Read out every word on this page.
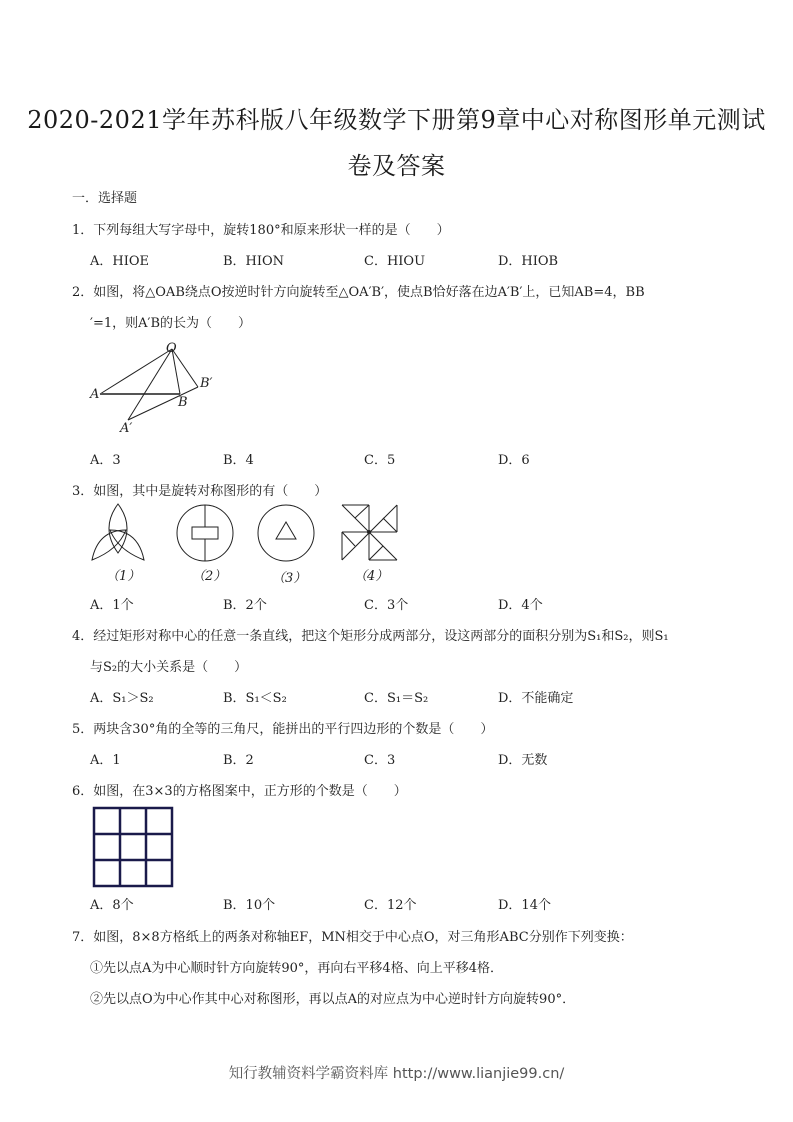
2020-2021学年苏科版八年级数学下册第9章中心对称图形单元测试
卷及答案
一．选择题
1．下列每组大写字母中，旋转180°和原来形状一样的是（　　）
A．HIOE	B．HION	C．HIOU	D．HIOB
2．如图，将△OAB绕点O按逆时针方向旋转至△OA′B′，使点B恰好落在边A′B′上，已知AB=4，BB
′=1，则A′B的长为（　　）
O
A
B
B′
A′
A．3	B．4	C．5	D．6
3．如图，其中是旋转对称图形的有（　　）
（1）	（2）	（3）	（4）
A．1个	B．2个	C．3个	D．4个
4．经过矩形对称中心的任意一条直线，把这个矩形分成两部分，设这两部分的面积分别为S₁和S₂，则S₁
与S₂的大小关系是（　　）
A．S₁＞S₂	B．S₁＜S₂	C．S₁＝S₂	D．不能确定
5．两块含30°角的全等的三角尺，能拼出的平行四边形的个数是（　　）
A．1	B．2	C．3	D．无数
6．如图，在3×3的方格图案中，正方形的个数是（　　）
A．8个	B．10个	C．12个	D．14个
7．如图，8×8方格纸上的两条对称轴EF，MN相交于中心点O，对三角形ABC分别作下列变换：
①先以点A为中心顺时针方向旋转90°，再向右平移4格、向上平移4格．
②先以点O为中心作其中心对称图形，再以点A的对应点为中心逆时针方向旋转90°．
知行教辅资料学霸资料库 http://www.lianjie99.cn/
